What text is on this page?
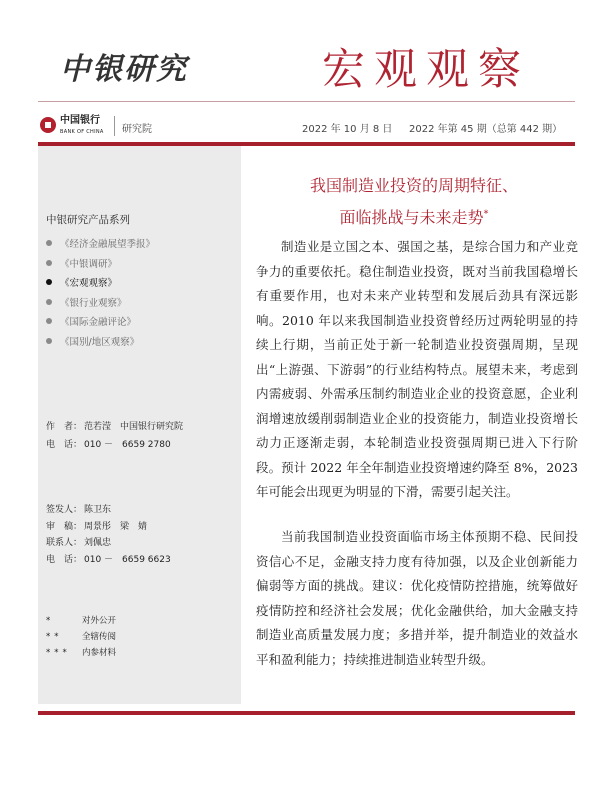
中银研究	宏观观察
中国银行
BANK OF CHINA 研究院	2022 年 10 月 8 日 2022 年第 45 期（总第 442 期）
中银研究产品系列
《经济金融展望季报》
《中银调研》
《宏观观察》
《银行业观察》
《国际金融评论》
《国别/地区观察》
作　者： 范若滢　中国银行研究院
电　话： 010 －　6659 2780
签发人： 陈卫东
审　稿： 周景彤　梁　婧
联系人： 刘佩忠
电　话： 010 －　6659 6623
*	对外公开
** 全辖传阅
*** 内参材料
我国制造业投资的周期特征、
面临挑战与未来走势*

制造业是立国之本、强国之基，是综合国力和产业竞争力的重要依托。稳住制造业投资，既对当前我国稳增长有重要作用，也对未来产业转型和发展后劲具有深远影响。2010 年以来我国制造业投资曾经历过两轮明显的持续上行期，当前正处于新一轮制造业投资强周期，呈现出“上游强、下游弱”的行业结构特点。展望未来，考虑到内需疲弱、外需承压制约制造业企业的投资意愿，企业利润增速放缓削弱制造业企业的投资能力，制造业投资增长动力正逐渐走弱，本轮制造业投资强周期已进入下行阶段。预计 2022 年全年制造业投资增速约降至 8%，2023 年可能会出现更为明显的下滑，需要引起关注。

当前我国制造业投资面临市场主体预期不稳、民间投资信心不足，金融支持力度有待加强，以及企业创新能力偏弱等方面的挑战。建议：优化疫情防控措施，统筹做好疫情防控和经济社会发展；优化金融供给，加大金融支持制造业高质量发展力度；多措并举，提升制造业的效益水平和盈利能力；持续推进制造业转型升级。
